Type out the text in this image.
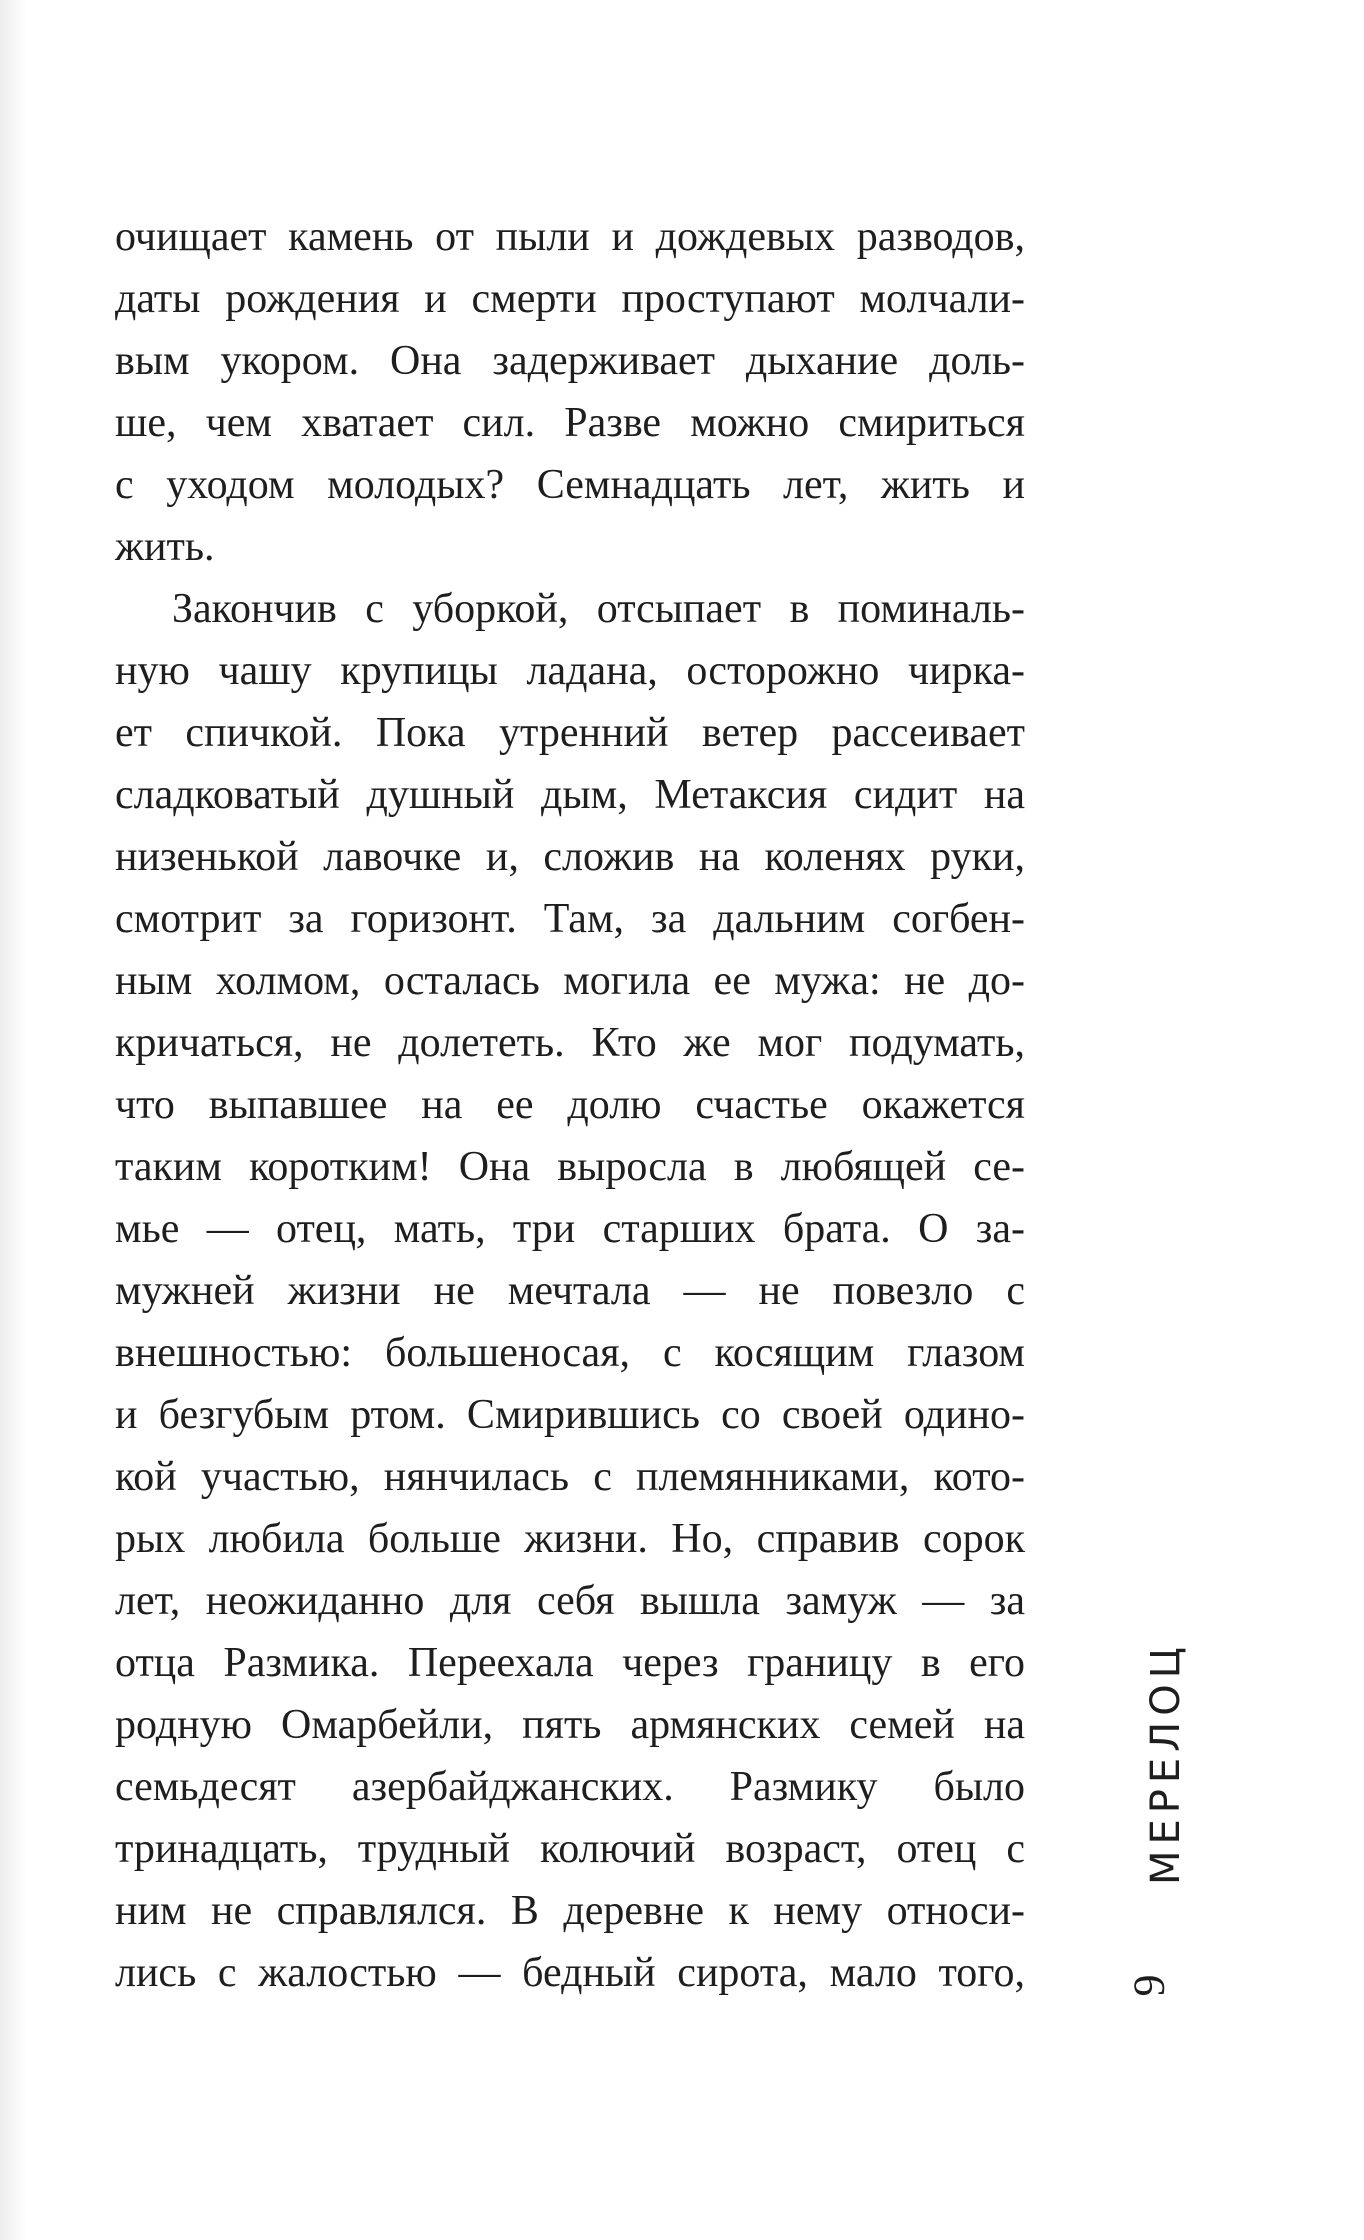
очищает камень от пыли и дождевых разводов,
даты рождения и смерти проступают молчали-
вым укором. Она задерживает дыхание доль-
ше, чем хватает сил. Разве можно смириться
с уходом молодых? Семнадцать лет, жить и
жить.
Закончив с уборкой, отсыпает в поминаль-
ную чашу крупицы ладана, осторожно чирка-
ет спичкой. Пока утренний ветер рассеивает
сладковатый душный дым, Метаксия сидит на
низенькой лавочке и, сложив на коленях руки,
смотрит за горизонт. Там, за дальним согбен-
ным холмом, осталась могила ее мужа: не до-
кричаться, не долететь. Кто же мог подумать,
что выпавшее на ее долю счастье окажется
таким коротким! Она выросла в любящей се-
мье — отец, мать, три старших брата. О за-
мужней жизни не мечтала — не повезло с
внешностью: большеносая, с косящим глазом
и безгубым ртом. Смирившись со своей одино-
кой участью, нянчилась с племянниками, кото-
рых любила больше жизни. Но, справив сорок
лет, неожиданно для себя вышла замуж — за
отца Размика. Переехала через границу в его
родную Омарбейли, пять армянских семей на
семьдесят азербайджанских. Размику было
тринадцать, трудный колючий возраст, отец с
ним не справлялся. В деревне к нему относи-
лись с жалостью — бедный сирота, мало того,
МЕРЕЛОЦ
9
